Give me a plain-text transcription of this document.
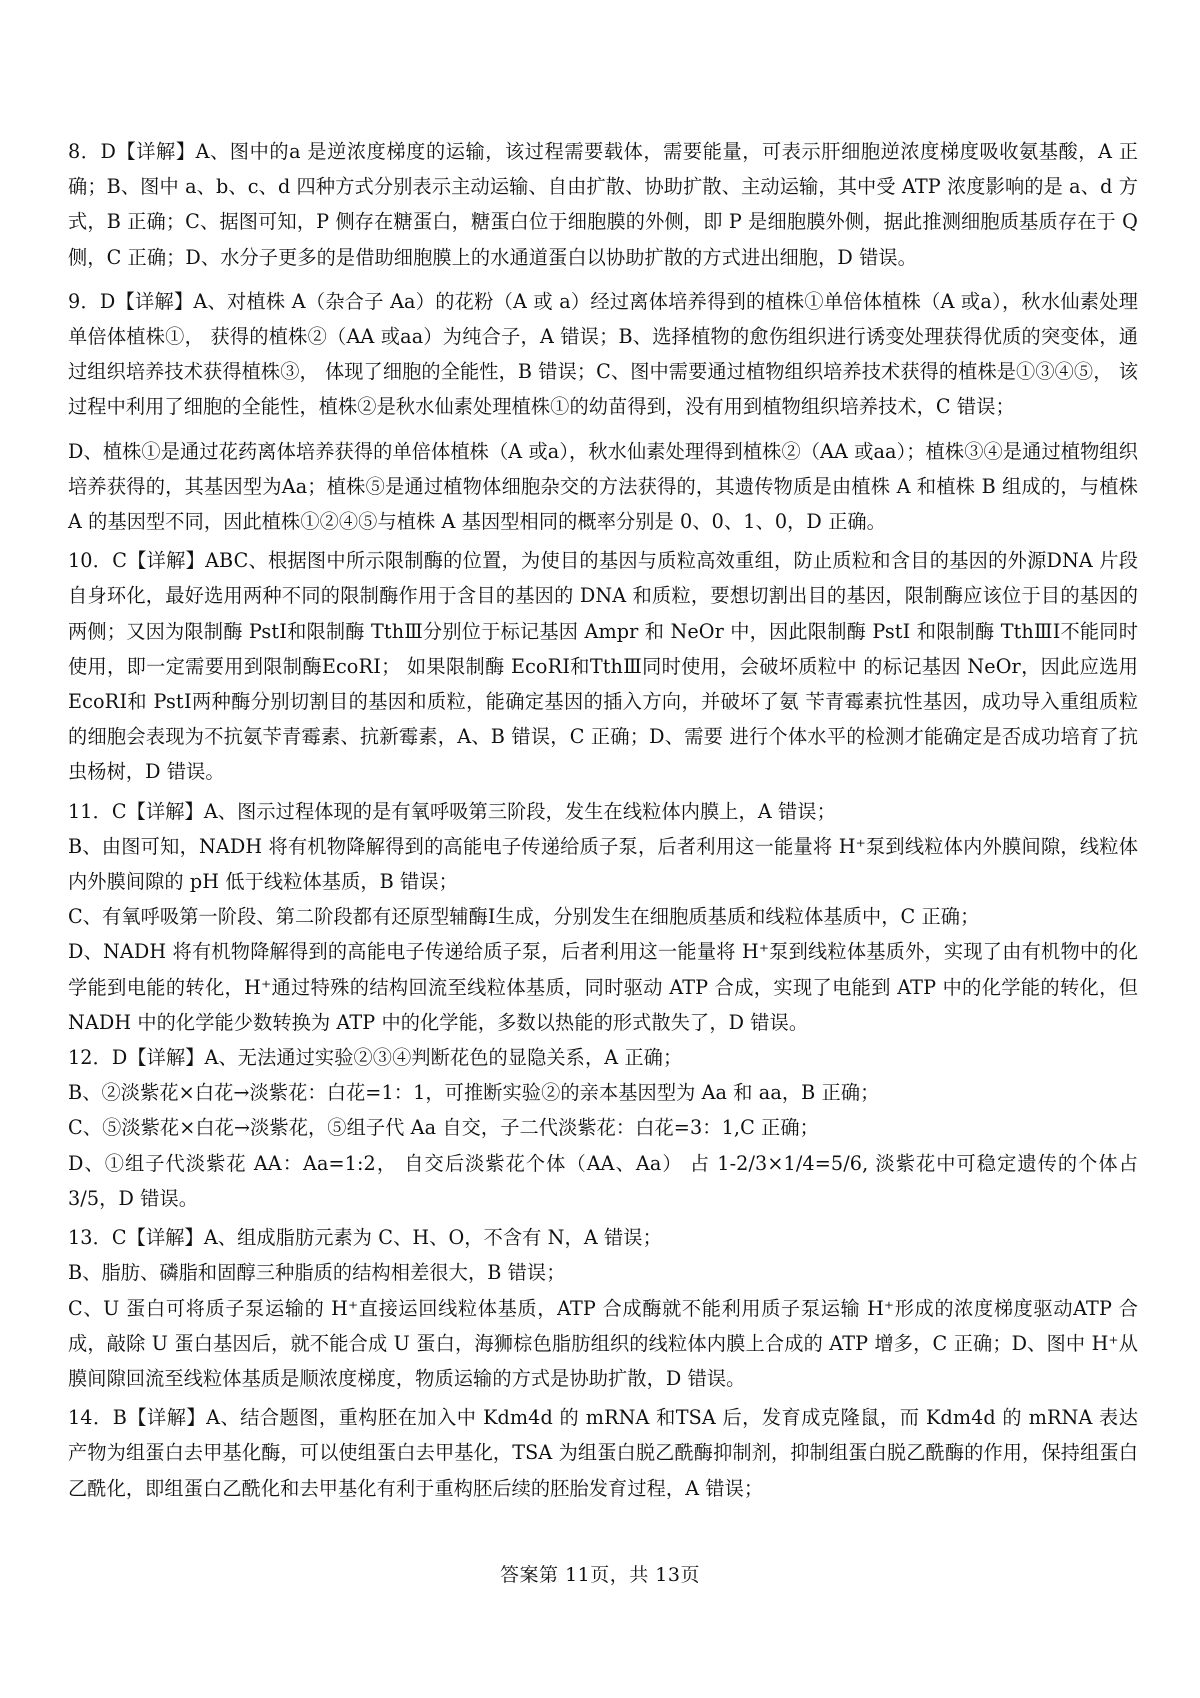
8．D【详解】A、图中的a 是逆浓度梯度的运输，该过程需要载体，需要能量，可表示肝细胞逆浓度梯度吸收氨基酸，A 正确；B、图中 a、b、c、d 四种方式分别表示主动运输、自由扩散、协助扩散、主动运输，其中受 ATP 浓度影响的是 a、d 方式，B 正确；C、据图可知，P 侧存在糖蛋白，糖蛋白位于细胞膜的外侧，即 P 是细胞膜外侧，据此推测细胞质基质存在于 Q 侧，C 正确；D、水分子更多的是借助细胞膜上的水通道蛋白以协助扩散的方式进出细胞，D 错误。

9．D【详解】A、对植株 A（杂合子 Aa）的花粉（A 或 a）经过离体培养得到的植株①单倍体植株（A 或a），秋水仙素处理单倍体植株①， 获得的植株②（AA 或aa）为纯合子，A 错误；B、选择植物的愈伤组织进行诱变处理获得优质的突变体，通过组织培养技术获得植株③， 体现了细胞的全能性，B 错误；C、图中需要通过植物组织培养技术获得的植株是①③④⑤， 该过程中利用了细胞的全能性，植株②是秋水仙素处理植株①的幼苗得到，没有用到植物组织培养技术，C 错误；

D、植株①是通过花药离体培养获得的单倍体植株（A 或a），秋水仙素处理得到植株②（AA 或aa）；植株③④是通过植物组织培养获得的，其基因型为Aa；植株⑤是通过植物体细胞杂交的方法获得的，其遗传物质是由植株 A 和植株 B 组成的，与植株 A 的基因型不同，因此植株①②④⑤与植株 A 基因型相同的概率分别是 0、0、1、0，D 正确。

10．C【详解】ABC、根据图中所示限制酶的位置，为使目的基因与质粒高效重组，防止质粒和含目的基因的外源DNA 片段自身环化，最好选用两种不同的限制酶作用于含目的基因的 DNA 和质粒，要想切割出目的基因，限制酶应该位于目的基因的两侧；又因为限制酶 PstⅠ和限制酶 TthⅢ分别位于标记基因 Ampr 和 NeOr 中，因此限制酶 PstⅠ 和限制酶 TthⅢⅠ不能同时使用，即一定需要用到限制酶EcoRⅠ； 如果限制酶 EcoRⅠ和TthⅢ同时使用，会破坏质粒中 的标记基因 NeOr，因此应选用EcoRⅠ和 PstⅠ两种酶分别切割目的基因和质粒，能确定基因的插入方向，并破坏了氨 苄青霉素抗性基因，成功导入重组质粒的细胞会表现为不抗氨苄青霉素、抗新霉素，A、B 错误，C 正确；D、需要 进行个体水平的检测才能确定是否成功培育了抗虫杨树，D 错误。

11．C【详解】A、图示过程体现的是有氧呼吸第三阶段，发生在线粒体内膜上，A 错误；

B、由图可知，NADH 将有机物降解得到的高能电子传递给质子泵，后者利用这一能量将 H⁺泵到线粒体内外膜间隙，线粒体内外膜间隙的 pH 低于线粒体基质，B 错误；

C、有氧呼吸第一阶段、第二阶段都有还原型辅酶Ⅰ生成，分别发生在细胞质基质和线粒体基质中，C 正确；

D、NADH 将有机物降解得到的高能电子传递给质子泵，后者利用这一能量将 H⁺泵到线粒体基质外，实现了由有机物中的化学能到电能的转化，H⁺通过特殊的结构回流至线粒体基质，同时驱动 ATP 合成，实现了电能到 ATP 中的化学能的转化，但 NADH 中的化学能少数转换为 ATP 中的化学能，多数以热能的形式散失了，D 错误。

12．D【详解】A、无法通过实验②③④判断花色的显隐关系，A 正确；

B、②淡紫花×白花→淡紫花：白花=1：1，可推断实验②的亲本基因型为 Aa 和 aa，B 正确；

C、⑤淡紫花×白花→淡紫花，⑤组子代 Aa 自交，子二代淡紫花：白花=3：1,C 正确；

D、①组子代淡紫花 AA：Aa=1:2， 自交后淡紫花个体（AA、Aa） 占 1-2/3×1/4=5/6, 淡紫花中可稳定遗传的个体占3/5，D 错误。

13．C【详解】A、组成脂肪元素为 C、H、O，不含有 N，A 错误；

B、脂肪、磷脂和固醇三种脂质的结构相差很大，B 错误；

C、U 蛋白可将质子泵运输的 H⁺直接运回线粒体基质，ATP 合成酶就不能利用质子泵运输 H⁺形成的浓度梯度驱动ATP 合成，敲除 U 蛋白基因后，就不能合成 U 蛋白，海狮棕色脂肪组织的线粒体内膜上合成的 ATP 增多，C 正确；D、图中 H⁺从膜间隙回流至线粒体基质是顺浓度梯度，物质运输的方式是协助扩散，D 错误。

14．B【详解】A、结合题图，重构胚在加入中 Kdm4d 的 mRNA 和TSA 后，发育成克隆鼠，而 Kdm4d 的 mRNA 表达产物为组蛋白去甲基化酶，可以使组蛋白去甲基化，TSA 为组蛋白脱乙酰酶抑制剂，抑制组蛋白脱乙酰酶的作用，保持组蛋白乙酰化，即组蛋白乙酰化和去甲基化有利于重构胚后续的胚胎发育过程，A 错误；

答案第 11页，共 13页
